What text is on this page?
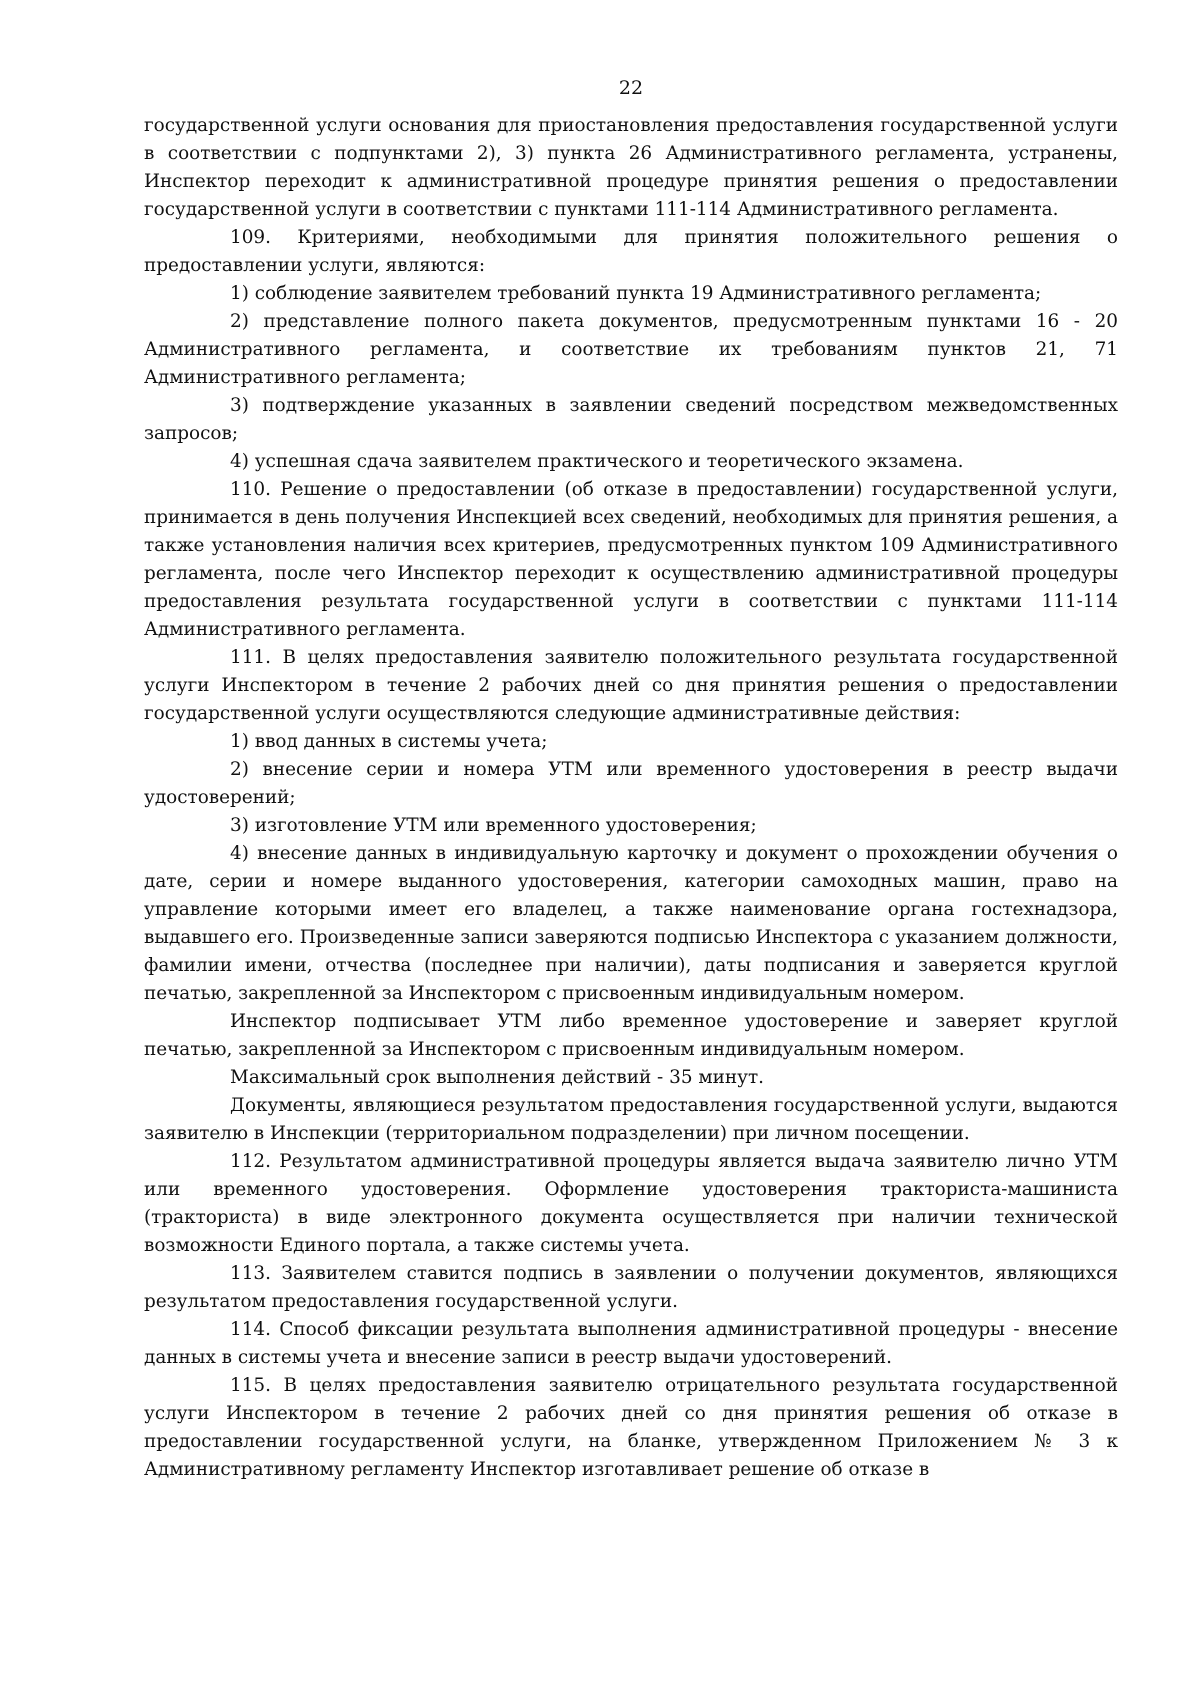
22

государственной услуги основания для приостановления предоставления государственной услуги в соответствии с подпунктами 2), 3) пункта 26 Административного регламента, устранены, Инспектор переходит к административной процедуре принятия решения о предоставлении государственной услуги в соответствии с пунктами 111-114 Административного регламента.

109. Критериями, необходимыми для принятия положительного решения о предоставлении услуги, являются:

1) соблюдение заявителем требований пункта 19 Административного регламента;

2) представление полного пакета документов, предусмотренным пунктами 16 - 20 Административного регламента, и соответствие их требованиям пунктов 21, 71 Административного регламента;

3) подтверждение указанных в заявлении сведений посредством межведомственных запросов;

4) успешная сдача заявителем практического и теоретического экзамена.

110. Решение о предоставлении (об отказе в предоставлении) государственной услуги, принимается в день получения Инспекцией всех сведений, необходимых для принятия решения, а также установления наличия всех критериев, предусмотренных пунктом 109 Административного регламента, после чего Инспектор переходит к осуществлению административной процедуры предоставления результата государственной услуги в соответствии с пунктами 111-114 Административного регламента.

111. В целях предоставления заявителю положительного результата государственной услуги Инспектором в течение 2 рабочих дней со дня принятия решения о предоставлении государственной услуги осуществляются следующие административные действия:

1) ввод данных в системы учета;

2) внесение серии и номера УТМ или временного удостоверения в реестр выдачи удостоверений;

3) изготовление УТМ или временного удостоверения;

4) внесение данных в индивидуальную карточку и документ о прохождении обучения о дате, серии и номере выданного удостоверения, категории самоходных машин, право на управление которыми имеет его владелец, а также наименование органа гостехнадзора, выдавшего его. Произведенные записи заверяются подписью Инспектора с указанием должности, фамилии имени, отчества (последнее при наличии), даты подписания и заверяется круглой печатью, закрепленной за Инспектором с присвоенным индивидуальным номером.

Инспектор подписывает УТМ либо временное удостоверение и заверяет круглой печатью, закрепленной за Инспектором с присвоенным индивидуальным номером.

Максимальный срок выполнения действий - 35 минут.

Документы, являющиеся результатом предоставления государственной услуги, выдаются заявителю в Инспекции (территориальном подразделении) при личном посещении.

112. Результатом административной процедуры является выдача заявителю лично УТМ или временного удостоверения. Оформление удостоверения тракториста-машиниста (тракториста) в виде электронного документа осуществляется при наличии технической возможности Единого портала, а также системы учета.

113. Заявителем ставится подпись в заявлении о получении документов, являющихся результатом предоставления государственной услуги.

114. Способ фиксации результата выполнения административной процедуры - внесение данных в системы учета и внесение записи в реестр выдачи удостоверений.

115. В целях предоставления заявителю отрицательного результата государственной услуги Инспектором в течение 2 рабочих дней со дня принятия решения об отказе в предоставлении государственной услуги, на бланке, утвержденном Приложением № 3 к Административному регламенту Инспектор изготавливает решение об отказе в
